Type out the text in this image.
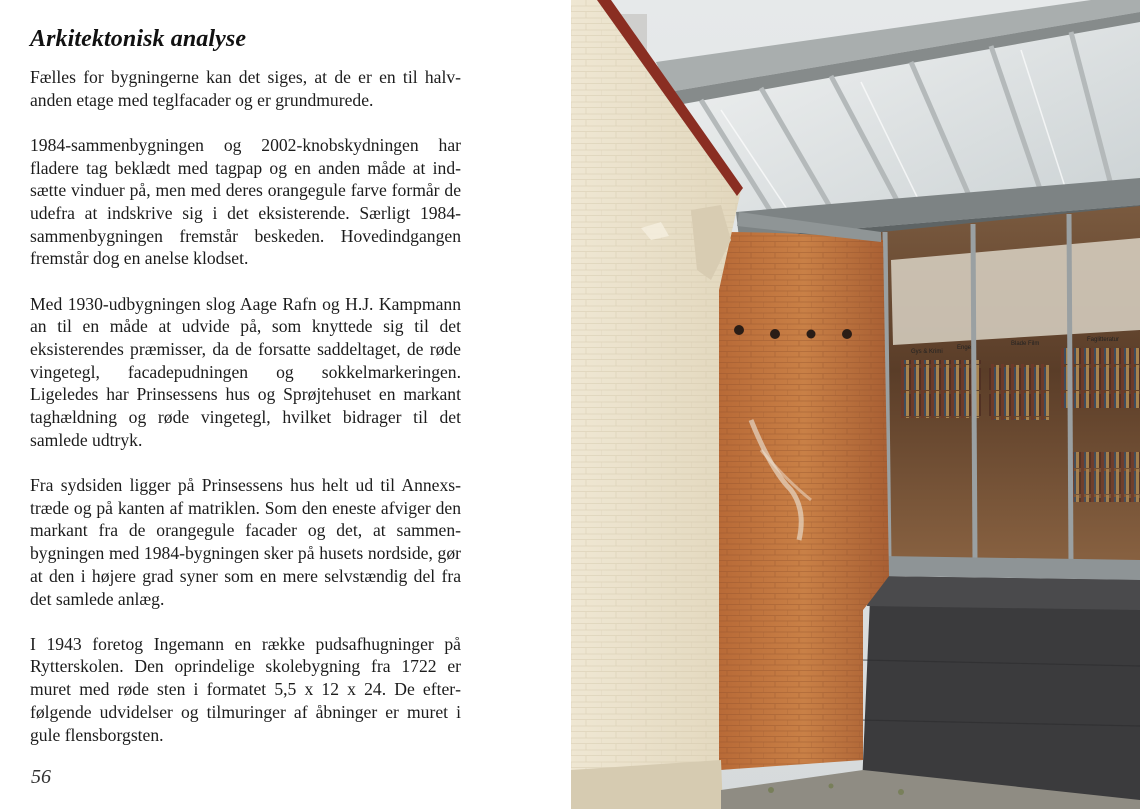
Arkitektonisk analyse

Fælles for bygningerne kan det siges, at de er en til halvanden etage med teglfacader og er grundmurede.

1984-sammenbygningen og 2002-knobskydningen har fladere tag beklædt med tagpap og en anden måde at indsætte vinduer på, men med deres orangegule farve formår de udefra at indskrive sig i det eksisterende. Særligt 1984-sammenbygningen fremstår beskeden. Hovedindgangen fremstår dog en anelse klodset.

Med 1930-udbygningen slog Aage Rafn og H.J. Kampmann an til en måde at udvide på, som knyttede sig til det eksisterendes præmisser, da de forsatte saddeltaget, de røde vingetegl, facadepudningen og sokkelmarkeringen. Ligeledes har Prinsessens hus og Sprøjtehuset en markant taghældning og røde vingetegl, hvilket bidrager til det samlede udtryk.

Fra sydsiden ligger på Prinsessens hus helt ud til Annexstræde og på kanten af matriklen. Som den eneste afviger den markant fra de orangegule facader og det, at sammenbygningen med 1984-bygningen sker på husets nordside, gør at den i højere grad syner som en mere selvstændig del fra det samlede anlæg.

I 1943 foretog Ingemann en række pudsafhugninger på Rytterskolen. Den oprindelige skolebygning fra 1722 er muret med røde sten i formatet 5,5 x 12 x 24. De efterfølgende udvidelser og tilmuringer af åbninger er muret i gule flensborgsten.

56
Gys & Krimi
Engel
Blade Film
Faglitteratur
